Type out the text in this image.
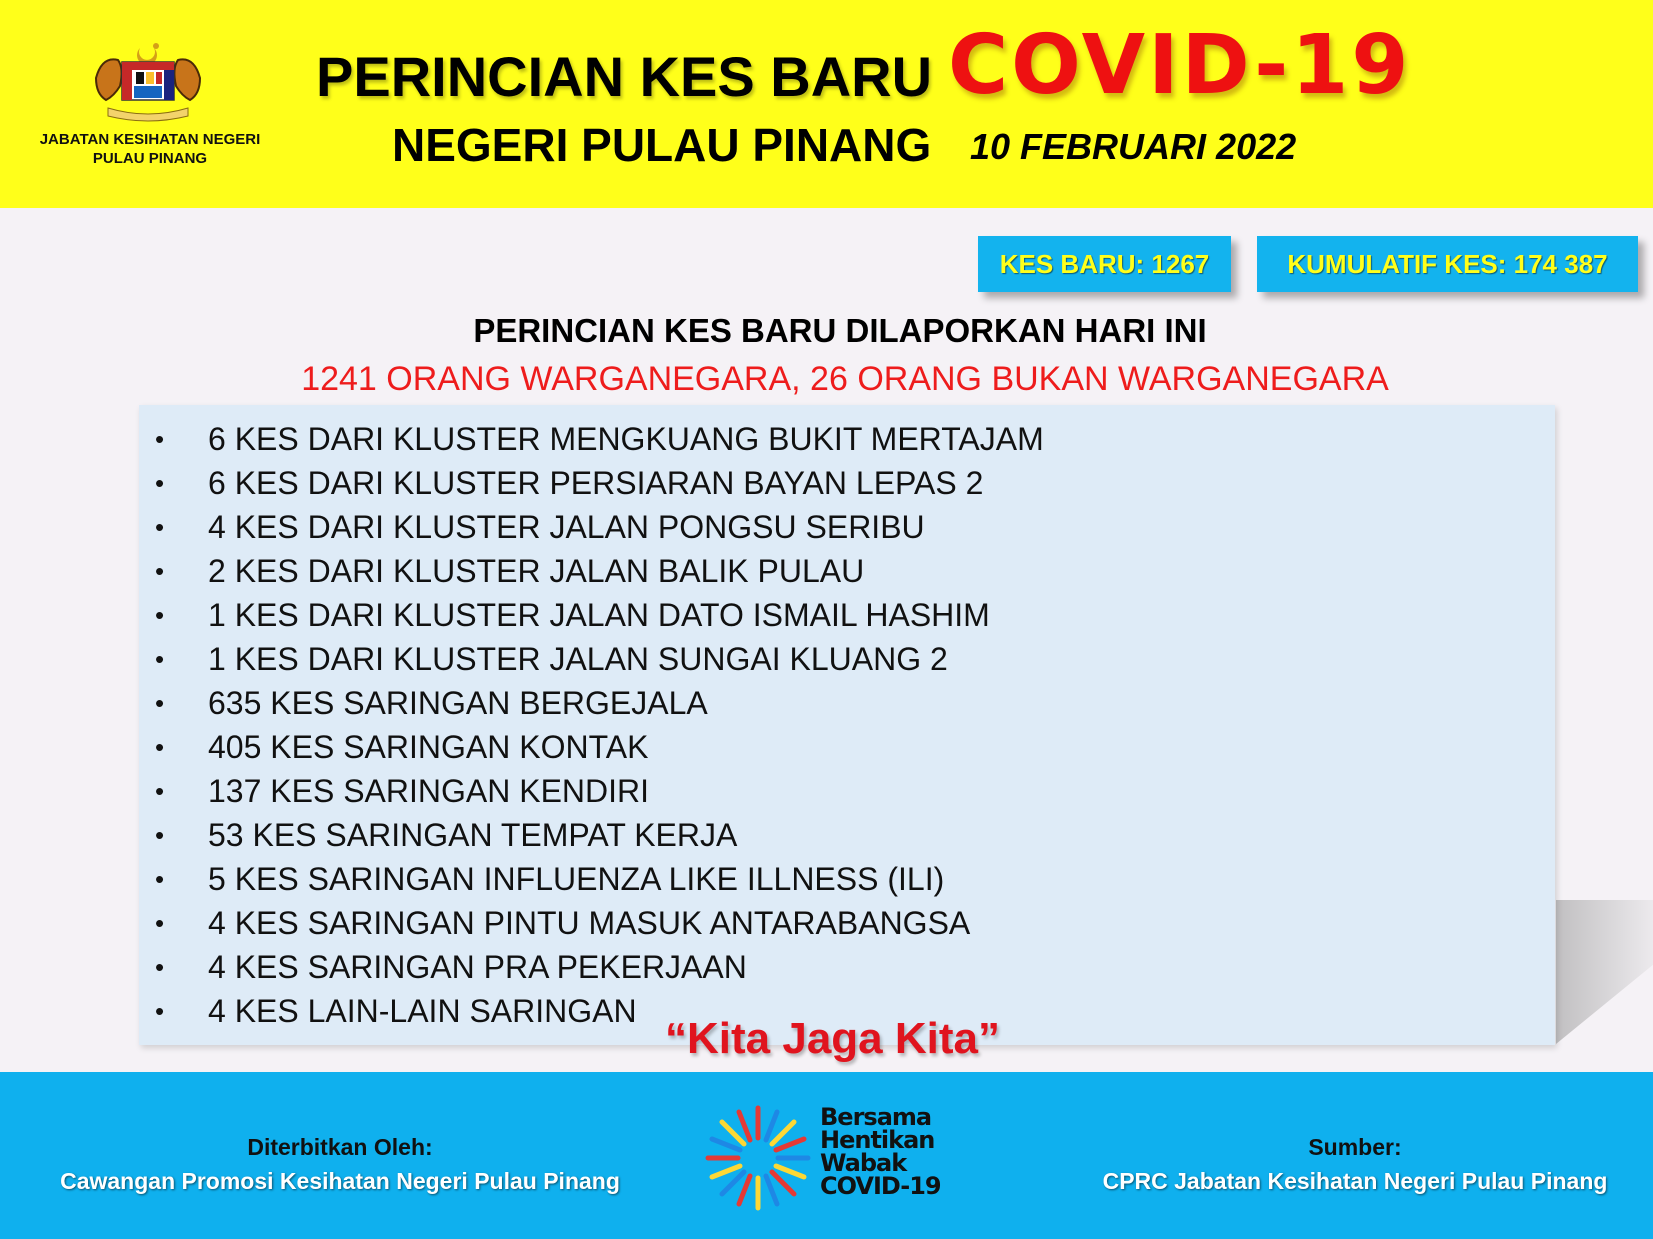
JABATAN KESIHATAN NEGERI
PULAU PINANG
PERINCIAN KES BARU COVID-19
NEGERI PULAU PINANG 10 FEBRUARI 2022
KES BARU: 1267	KUMULATIF KES: 174 387
PERINCIAN KES BARU DILAPORKAN HARI INI
1241 ORANG WARGANEGARA, 26 ORANG BUKAN WARGANEGARA
• 6 KES DARI KLUSTER MENGKUANG BUKIT MERTAJAM
• 6 KES DARI KLUSTER PERSIARAN BAYAN LEPAS 2
• 4 KES DARI KLUSTER JALAN PONGSU SERIBU
• 2 KES DARI KLUSTER JALAN BALIK PULAU
• 1 KES DARI KLUSTER JALAN DATO ISMAIL HASHIM
• 1 KES DARI KLUSTER JALAN SUNGAI KLUANG 2
• 635 KES SARINGAN BERGEJALA
• 405 KES SARINGAN KONTAK
• 137 KES SARINGAN KENDIRI
• 53 KES SARINGAN TEMPAT KERJA
• 5 KES SARINGAN INFLUENZA LIKE ILLNESS (ILI)
• 4 KES SARINGAN PINTU MASUK ANTARABANGSA
• 4 KES SARINGAN PRA PEKERJAAN
• 4 KES LAIN-LAIN SARINGAN
“Kita Jaga Kita”
Diterbitkan Oleh:
Cawangan Promosi Kesihatan Negeri Pulau Pinang
Bersama
Hentikan
Wabak
COVID-19
Sumber:
CPRC Jabatan Kesihatan Negeri Pulau Pinang
